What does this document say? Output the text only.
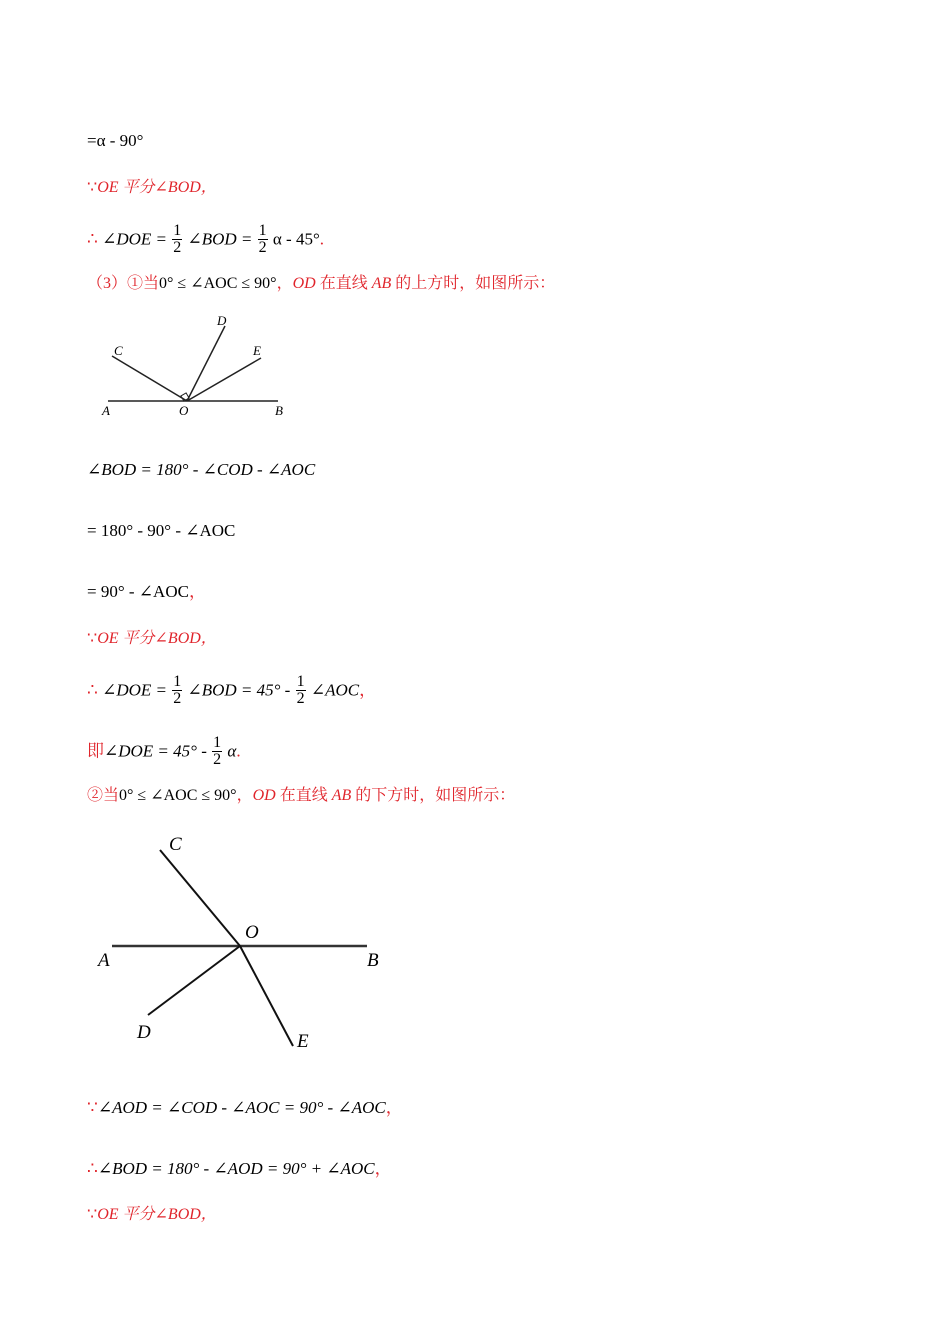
=α - 90°
∵OE 平分∠BOD，
∴ ∠DOE = $\frac{1}{2}$ ∠BOD = $\frac{1}{2}$ α - 45°.
（3）①当0° ≤ ∠AOC ≤ 90°，OD 在直线 AB 的上方时，如图所示：
A	O	B
C
D
E
∠BOD = 180° - ∠COD - ∠AOC
= 180° - 90° - ∠AOC
= 90° - ∠AOC，
∵OE 平分∠BOD，
∴ ∠DOE = $\frac{1}{2}$ ∠BOD = $45^\circ - \frac{1}{2}$ ∠AOC，
即∠DOE = $45^\circ - \frac{1}{2} \alpha$.
②当0° ≤ ∠AOC ≤ 90°，OD 在直线 AB 的下方时，如图所示：
A
O
B
C
D	E
∵∠AOD = ∠COD - ∠AOC = 90° - ∠AOC，
∴∠BOD = 180° - ∠AOD = 90° + ∠AOC，
∵OE 平分∠BOD，
